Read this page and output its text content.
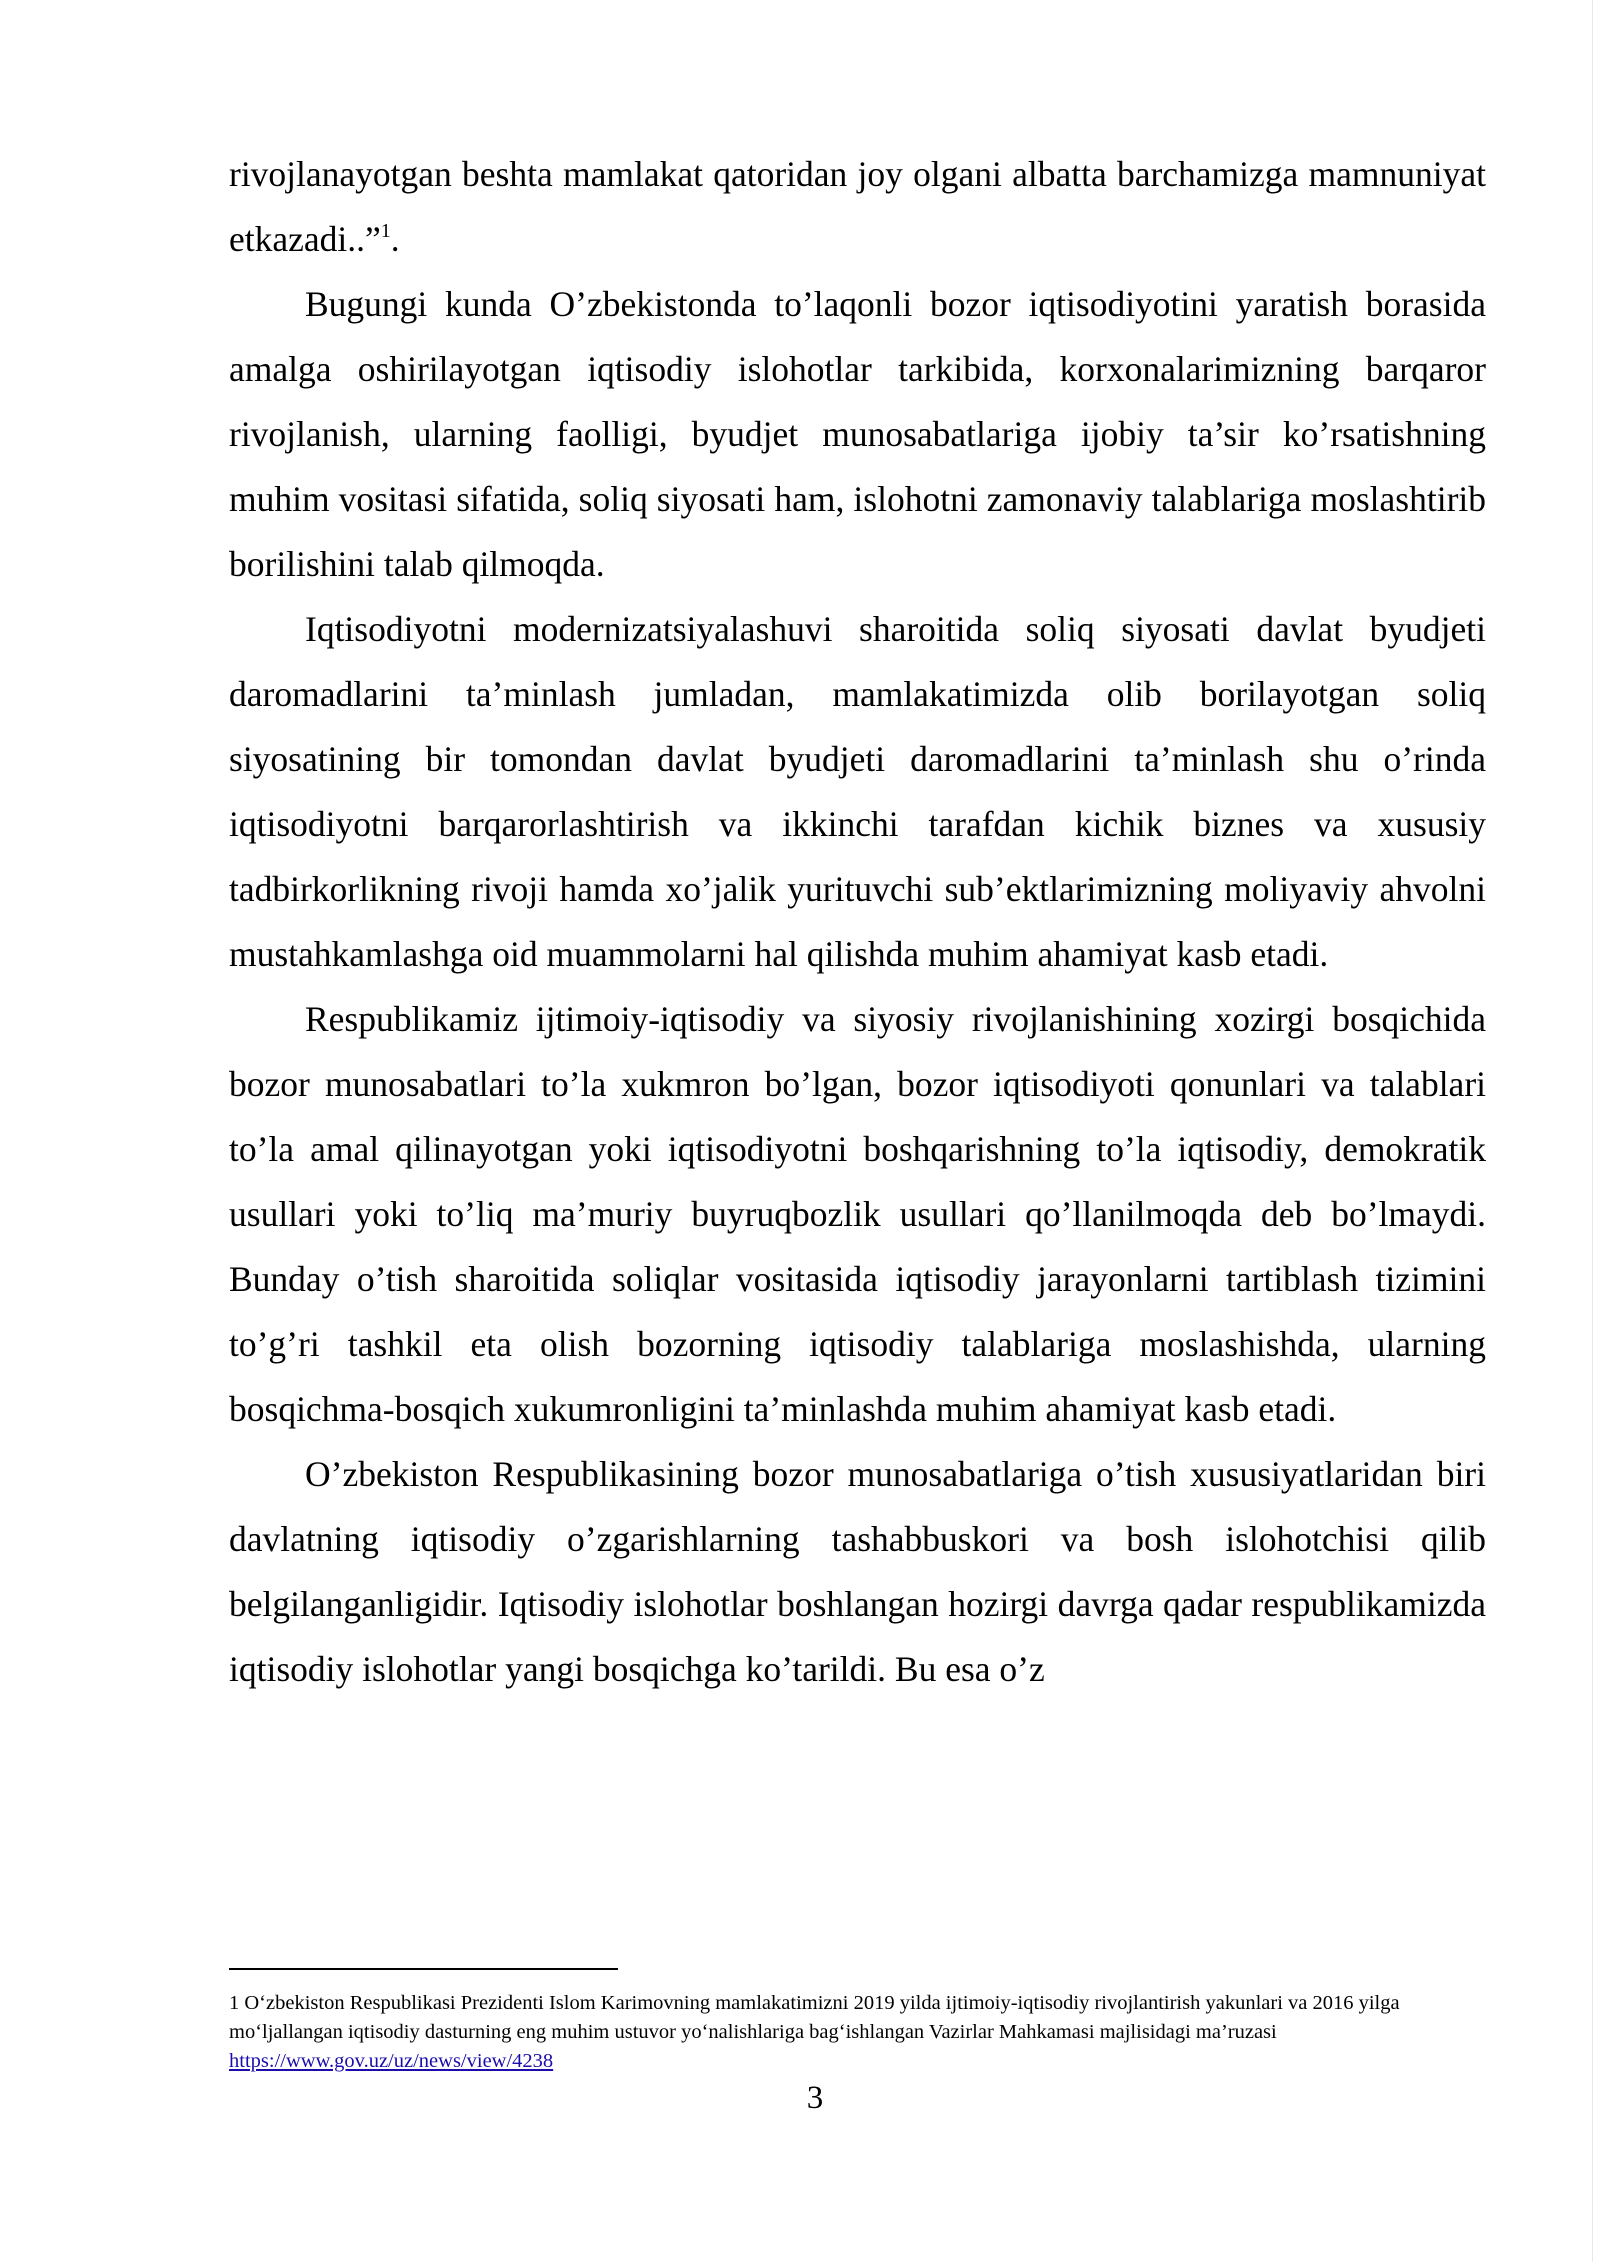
rivojlanayotgan beshta mamlakat qatoridan joy olgani albatta barchamizga mamnuniyat etkazadi..”$^1$.

Bugungi kunda O’zbekistonda to’laqonli bozor iqtisodiyotini yaratish borasida amalga oshirilayotgan iqtisodiy islohotlar tarkibida, korxonalarimizning barqaror rivojlanish, ularning faolligi, byudjet munosabatlariga ijobiy ta’sir ko’rsatishning muhim vositasi sifatida, soliq siyosati ham, islohotni zamonaviy talablariga moslashtirib borilishini talab qilmoqda.

Iqtisodiyotni modernizatsiyalashuvi sharoitida soliq siyosati davlat byudjeti daromadlarini ta’minlash jumladan, mamlakatimizda olib borilayotgan soliq siyosatining bir tomondan davlat byudjeti daromadlarini ta’minlash shu o’rinda iqtisodiyotni barqarorlashtirish va ikkinchi tarafdan kichik biznes va xususiy tadbirkorlikning rivoji hamda xo’jalik yurituvchi sub’ektlarimizning moliyaviy ahvolni mustahkamlashga oid muammolarni hal qilishda muhim ahamiyat kasb etadi.

Respublikamiz ijtimoiy-iqtisodiy va siyosiy rivojlanishining xozirgi bosqichida bozor munosabatlari to’la xukmron bo’lgan, bozor iqtisodiyoti qonunlari va talablari to’la amal qilinayotgan yoki iqtisodiyotni boshqarishning to’la iqtisodiy, demokratik usullari yoki to’liq ma’muriy buyruqbozlik usullari qo’llanilmoqda deb bo’lmaydi. Bunday o’tish sharoitida soliqlar vositasida iqtisodiy jarayonlarni tartiblash tizimini to’g’ri tashkil eta olish bozorning iqtisodiy talablariga moslashishda, ularning bosqichma-bosqich xukumronligini ta’minlashda muhim ahamiyat kasb etadi.

O’zbekiston Respublikasining bozor munosabatlariga o’tish xususiyatlaridan biri davlatning iqtisodiy o’zgarishlarning tashabbuskori va bosh islohotchisi qilib belgilanganligidir. Iqtisodiy islohotlar boshlangan hozirgi davrga qadar respublikamizda iqtisodiy islohotlar yangi bosqichga ko’tarildi. Bu esa o’z

1 O‘zbekiston Respublikasi Prezidenti Islom Karimovning mamlakatimizni 2019 yilda ijtimoiy-iqtisodiy rivojlantirish yakunlari va 2016 yilga mo‘ljallangan iqtisodiy dasturning eng muhim ustuvor yo‘nalishlariga bag‘ishlangan Vazirlar Mahkamasi majlisidagi ma’ruzasi https://www.gov.uz/uz/news/view/4238
3
